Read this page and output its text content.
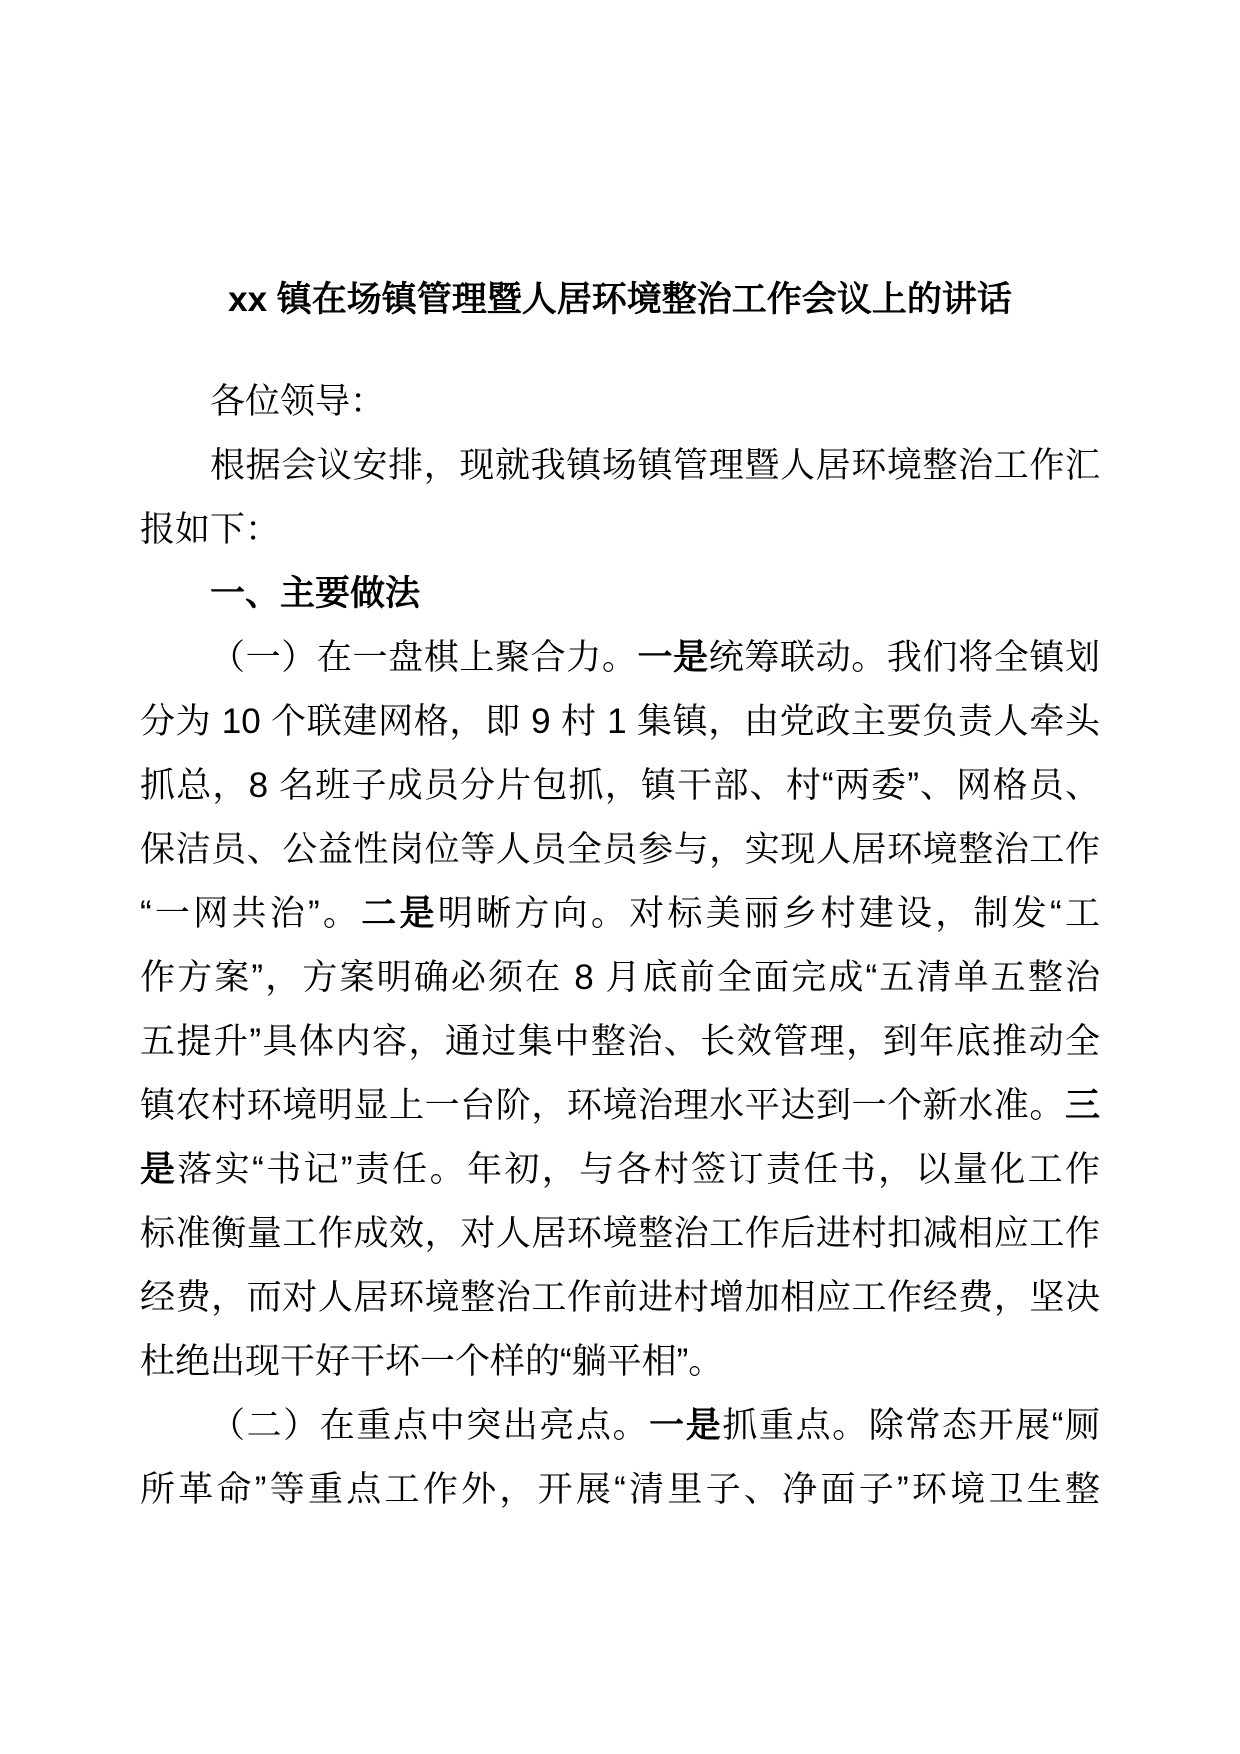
xx 镇在场镇管理暨人居环境整治工作会议上的讲话
各位领导：
根据会议安排，现就我镇场镇管理暨人居环境整治工作汇
报如下：
一、主要做法
（一）在一盘棋上聚合力。一是统筹联动。我们将全镇划
分为 10 个联建网格，即 9 村 1 集镇，由党政主要负责人牵头
抓总，8 名班子成员分片包抓，镇干部、村“两委”、网格员、
保洁员、公益性岗位等人员全员参与，实现人居环境整治工作
“一网共治”。二是明晰方向。对标美丽乡村建设，制发“工
作方案”，方案明确必须在 8 月底前全面完成“五清单五整治
五提升”具体内容，通过集中整治、长效管理，到年底推动全
镇农村环境明显上一台阶，环境治理水平达到一个新水准。三
是落实“书记”责任。年初，与各村签订责任书，以量化工作
标准衡量工作成效，对人居环境整治工作后进村扣减相应工作
经费，而对人居环境整治工作前进村增加相应工作经费，坚决
杜绝出现干好干坏一个样的“躺平相”。
（二）在重点中突出亮点。一是抓重点。除常态开展“厕
所革命”等重点工作外，开展“清里子、净面子”环境卫生整
